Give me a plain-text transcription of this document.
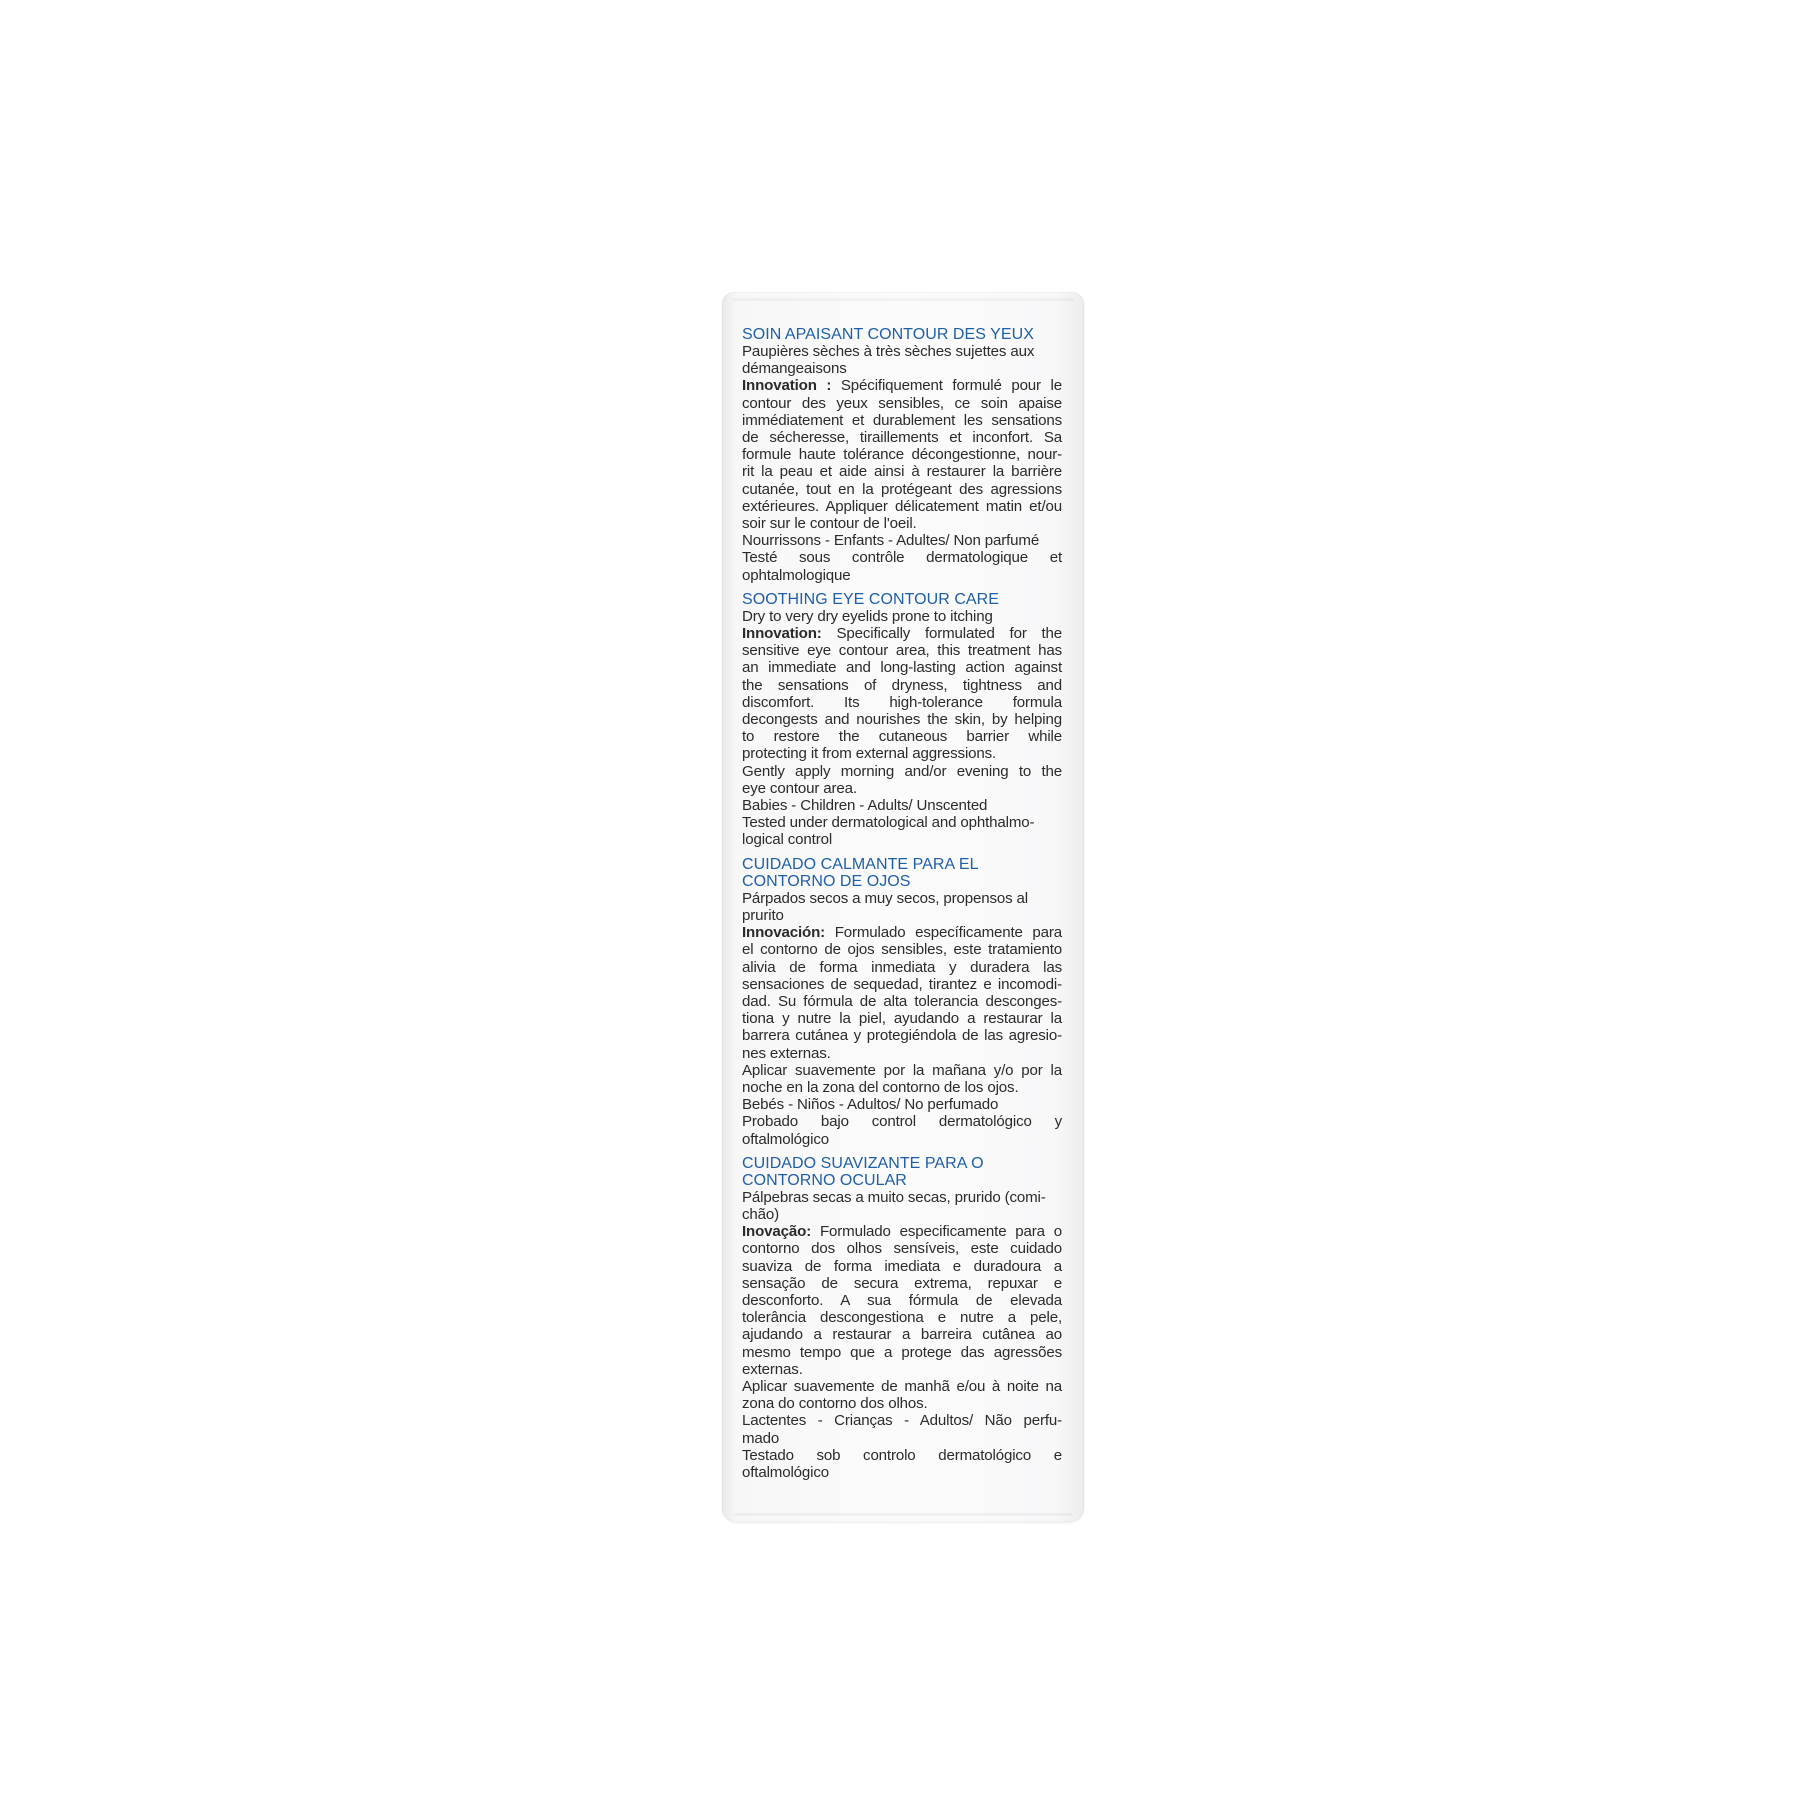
SOIN APAISANT CONTOUR DES YEUX
Paupières sèches à très sèches sujettes aux
démangeaisons
Innovation : Spécifiquement formulé pour le
contour des yeux sensibles, ce soin apaise
immédiatement et durablement les sensations
de sécheresse, tiraillements et inconfort. Sa
formule haute tolérance décongestionne, nour-
rit la peau et aide ainsi à restaurer la barrière
cutanée, tout en la protégeant des agressions
extérieures. Appliquer délicatement matin et/ou
soir sur le contour de l'oeil.
Nourrissons - Enfants - Adultes/ Non parfumé
Testé sous contrôle dermatologique et
ophtalmologique
SOOTHING EYE CONTOUR CARE
Dry to very dry eyelids prone to itching
Innovation: Specifically formulated for the
sensitive eye contour area, this treatment has
an immediate and long-lasting action against
the sensations of dryness, tightness and
discomfort. Its high-tolerance formula
decongests and nourishes the skin, by helping
to restore the cutaneous barrier while
protecting it from external aggressions.
Gently apply morning and/or evening to the
eye contour area.
Babies - Children - Adults/ Unscented
Tested under dermatological and ophthalmo-
logical control
CUIDADO CALMANTE PARA EL
CONTORNO DE OJOS
Párpados secos a muy secos, propensos al
prurito
Innovación: Formulado específicamente para
el contorno de ojos sensibles, este tratamiento
alivia de forma inmediata y duradera las
sensaciones de sequedad, tirantez e incomodi-
dad. Su fórmula de alta tolerancia desconges-
tiona y nutre la piel, ayudando a restaurar la
barrera cutánea y protegiéndola de las agresio-
nes externas.
Aplicar suavemente por la mañana y/o por la
noche en la zona del contorno de los ojos.
Bebés - Niños - Adultos/ No perfumado
Probado bajo control dermatológico y
oftalmológico
CUIDADO SUAVIZANTE PARA O
CONTORNO OCULAR
Pálpebras secas a muito secas, prurido (comi-
chão)
Inovação: Formulado especificamente para o
contorno dos olhos sensíveis, este cuidado
suaviza de forma imediata e duradoura a
sensação de secura extrema, repuxar e
desconforto. A sua fórmula de elevada
tolerância descongestiona e nutre a pele,
ajudando a restaurar a barreira cutânea ao
mesmo tempo que a protege das agressões
externas.
Aplicar suavemente de manhã e/ou à noite na
zona do contorno dos olhos.
Lactentes - Crianças - Adultos/ Não perfu-
mado
Testado sob controlo dermatológico e
oftalmológico
